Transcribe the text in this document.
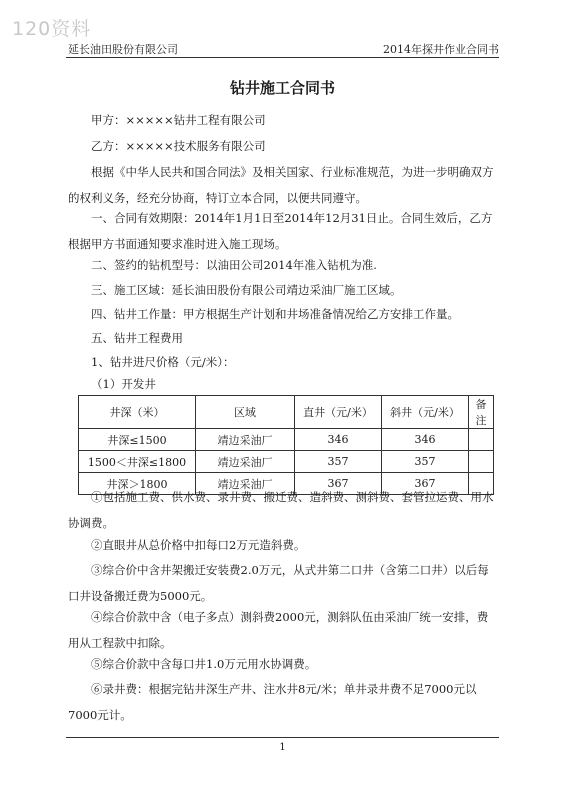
120资料
延长油田股份有限公司	2014年探井作业合同书
钻井施工合同书

甲方：×××××钻井工程有限公司

乙方：×××××技术服务有限公司

根据《中华人民共和国合同法》及相关国家、行业标准规范，为进一步明确双方的权利义务，经充分协商，特订立本合同，以便共同遵守。

一、合同有效期限：2014年1月1日至2014年12月31日止。合同生效后，乙方根据甲方书面通知要求准时进入施工现场。

二、签约的钻机型号：以油田公司2014年准入钻机为准.

三、施工区域：延长油田股份有限公司靖边采油厂施工区域。

四、钻井工作量：甲方根据生产计划和井场准备情况给乙方安排工作量。

五、钻井工程费用

1、钻井进尺价格（元/米）：

（1）开发井

井深（米）	区域	直井（元/米）	斜井（元/米）	备注
井深≤1500	靖边采油厂	346	346	
1500＜井深≤1800	靖边采油厂	357	357	
井深＞1800	靖边采油厂	367	367	

①包括施工费、供水费、录井费、搬迁费、造斜费、测斜费、套管拉运费、用水协调费。

②直眼井从总价格中扣每口2万元造斜费。

③综合价中含井架搬迁安装费2.0万元，从式井第二口井（含第二口井）以后每口井设备搬迁费为5000元。

④综合价款中含（电子多点）测斜费2000元，测斜队伍由采油厂统一安排，费用从工程款中扣除。

⑤综合价款中含每口井1.0万元用水协调费。

⑥录井费：根据完钻井深生产井、注水井8元/米；单井录井费不足7000元以7000元计。

1
